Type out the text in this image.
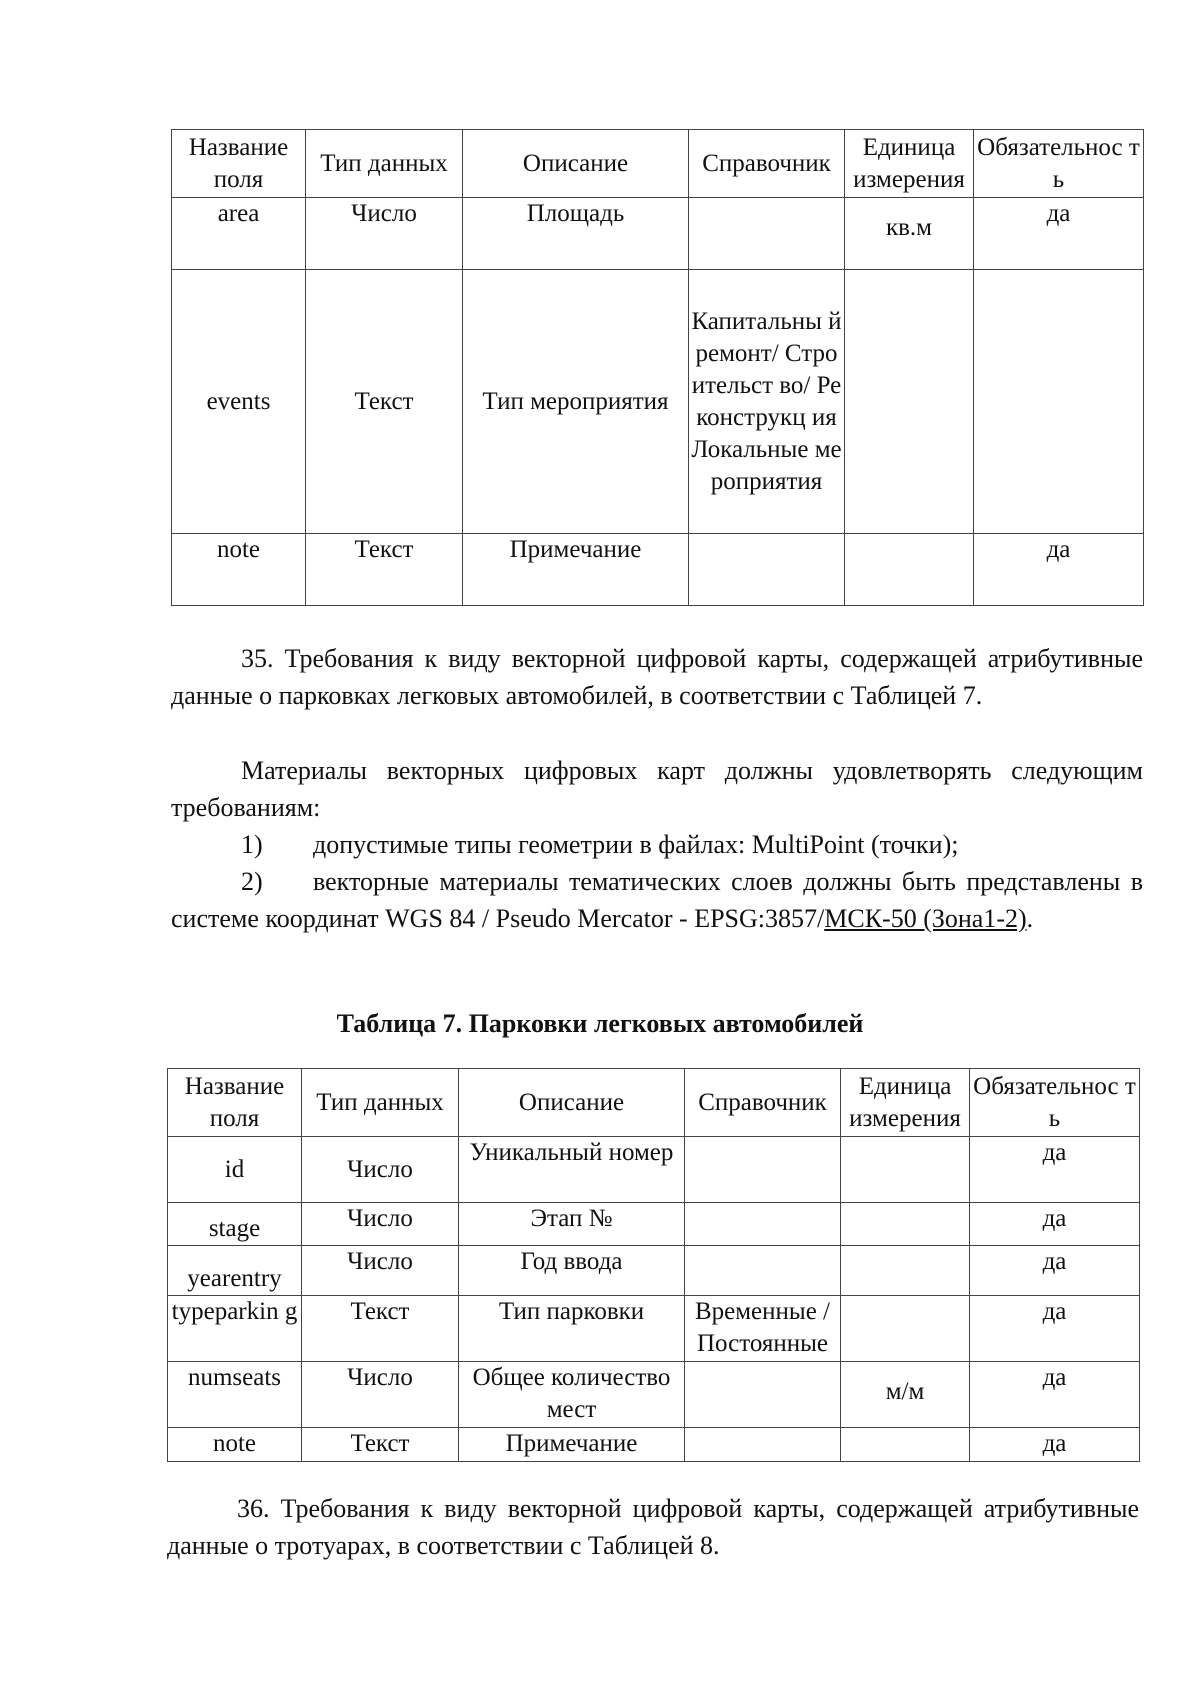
Название поля	Тип данных	Описание	Справочник	Единица измерения	Обязательнос ть
area	Число	Площадь		кв.м	да
events	Текст	Тип мероприятия	Капитальны й ремонт/ Строительст во/ Реконструкц ия Локальные мероприятия		
note	Текст	Примечание			да

35. Требования к виду векторной цифровой карты, содержащей атрибутивные данные о парковках легковых автомобилей, в соответствии с Таблицей 7.

Материалы векторных цифровых карт должны удовлетворять следующим требованиям:

1) допустимые типы геометрии в файлах: MultiPoint (точки);

2) векторные материалы тематических слоев должны быть представлены в системе координат WGS 84 / Pseudo Mercator - EPSG:3857/МСК-50 (Зона1-2).

Таблица 7. Парковки легковых автомобилей
Название поля	Тип данных	Описание	Справочник	Единица измерения	Обязательнос ть
id	Число	Уникальный номер			да
stage	Число	Этап №			да
yearentry	Число	Год ввода			да
typeparkin g	Текст	Тип парковки	Временные / Постоянные		да
numseats	Число	Общее количество мест		м/м	да
note	Текст	Примечание			да

36. Требования к виду векторной цифровой карты, содержащей атрибутивные данные о тротуарах, в соответствии с Таблицей 8.
